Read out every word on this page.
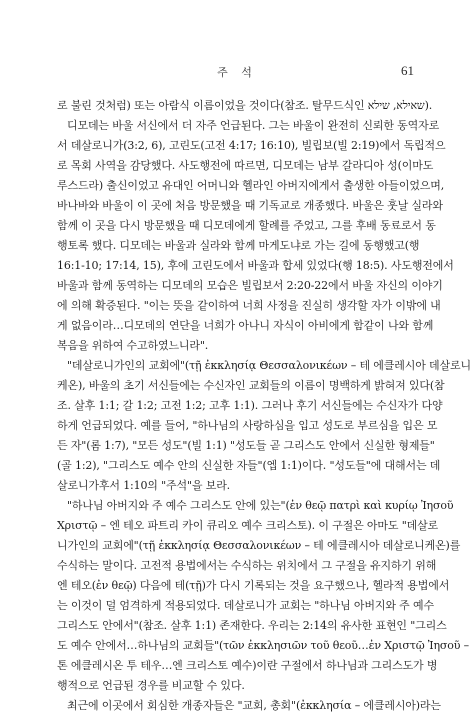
주 석	61
로 불린 것처럼) 또는 아람식 이름이었을 것이다(참조. 탈무드식인 שאילא, שילא).
디모데는 바울 서신에서 더 자주 언급된다. 그는 바울이 완전히 신뢰한 동역자로
서 데살로니가(3:2, 6), 고린도(고전 4:17; 16:10), 빌립보(빌 2:19)에서 독립적으
로 목회 사역을 감당했다. 사도행전에 따르면, 디모데는 남부 갈라디아 성(이마도
루스드라) 출신이었고 유대인 어머니와 헬라인 아버지에게서 출생한 아들이었으며,
바나바와 바울이 이 곳에 처음 방문했을 때 기독교로 개종했다. 바울은 훗날 실라와
함께 이 곳을 다시 방문했을 때 디모데에게 할례를 주었고, 그를 후배 동료로서 동
행토록 했다. 디모데는 바울과 실라와 함께 마게도냐로 가는 길에 동행했고(행
16:1-10; 17:14, 15), 후에 고린도에서 바울과 합세 있었다(행 18:5). 사도행전에서
바울과 함께 동역하는 디모데의 모습은 빌립보서 2:20-22에서 바울 자신의 이야기
에 의해 확증된다. "이는 뜻을 같이하여 너희 사정을 진실히 생각할 자가 이밖에 내
게 없음이라…디모데의 연단을 너희가 아나니 자식이 아비에게 함같이 나와 함께
복음을 위하여 수고하였느니라".
"데살로니가인의 교회에"(τῇ ἐκκλησίᾳ Θεσσαλονικέων – 테 에클레시아 데살로니
케온), 바울의 초기 서신들에는 수신자인 교회들의 이름이 명백하게 밝혀져 있다(참
조. 살후 1:1; 갈 1:2; 고전 1:2; 고후 1:1). 그러나 후기 서신들에는 수신자가 다양
하게 언급되었다. 예를 들어, "하나님의 사랑하심을 입고 성도로 부르심을 입은 모
든 자"(롬 1:7), "모든 성도"(빌 1:1) "성도들 곧 그리스도 안에서 신실한 형제들"
(골 1:2), "그리스도 예수 안의 신실한 자들"(엡 1:1)이다. "성도들"에 대해서는 데
살로니가후서 1:10의 "주석"을 보라.
"하나님 아버지와 주 예수 그리스도 안에 있는"(ἐν θεῷ πατρὶ καὶ κυρίῳ Ἰησοῦ
Χριστῷ – 엔 테오 파트리 카이 큐리오 예수 크리스토). 이 구절은 아마도 "데살로
니가인의 교회에"(τῇ ἐκκλησίᾳ Θεσσαλονικέων – 테 에클레시아 데살로니케온)를
수식하는 말이다. 고전적 용법에서는 수식하는 위치에서 그 구절을 유지하기 위해
엔 테오(ἐν θεῷ) 다음에 테(τῇ)가 다시 기록되는 것을 요구했으나, 헬라적 용법에서
는 이것이 덜 엄격하게 적용되었다. 데살로니가 교회는 "하나님 아버지와 주 예수
그리스도 안에서"(참조. 살후 1:1) 존재한다. 우리는 2:14의 유사한 표현인 "그리스
도 예수 안에서…하나님의 교회들"(τῶν ἐκκλησιῶν τοῦ θεοῦ…ἐν Χριστῷ Ἰησοῦ –
톤 에클레시온 투 테우…엔 크리스토 예수)이란 구절에서 하나님과 그리스도가 병
행적으로 언급된 경우를 비교할 수 있다.
최근에 이곳에서 회심한 개종자들은 "교회, 총회"(ἐκκλησία – 에클레시아)라는
